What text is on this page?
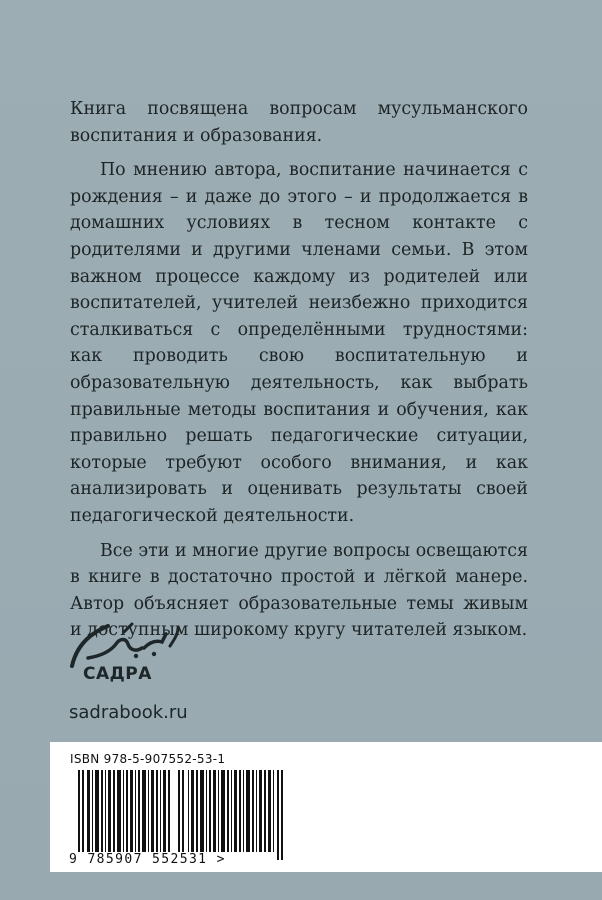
Книга посвящена вопросам мусульманского воспитания и образования.

По мнению автора, воспитание начинается с рождения – и даже до этого – и продолжается в домашних условиях в тесном контакте с родителями и другими членами семьи. В этом важном процессе каждому из родителей или воспитателей, учителей неизбежно приходится сталкиваться с определёнными трудностями: как проводить свою воспитательную и образовательную деятельность, как выбрать правильные методы воспитания и обучения, как правильно решать педагогические ситуации, которые требуют особого внимания, и как анализировать и оценивать результаты своей педагогической деятельности.

Все эти и многие другие вопросы освещаются в книге в достаточно простой и лёгкой манере. Автор объясняет образовательные темы живым и доступным широкому кругу читателей языком.

САДРА
sadrabook.ru
ISBN 978-5-907552-53-1
9 785907 552531 >
